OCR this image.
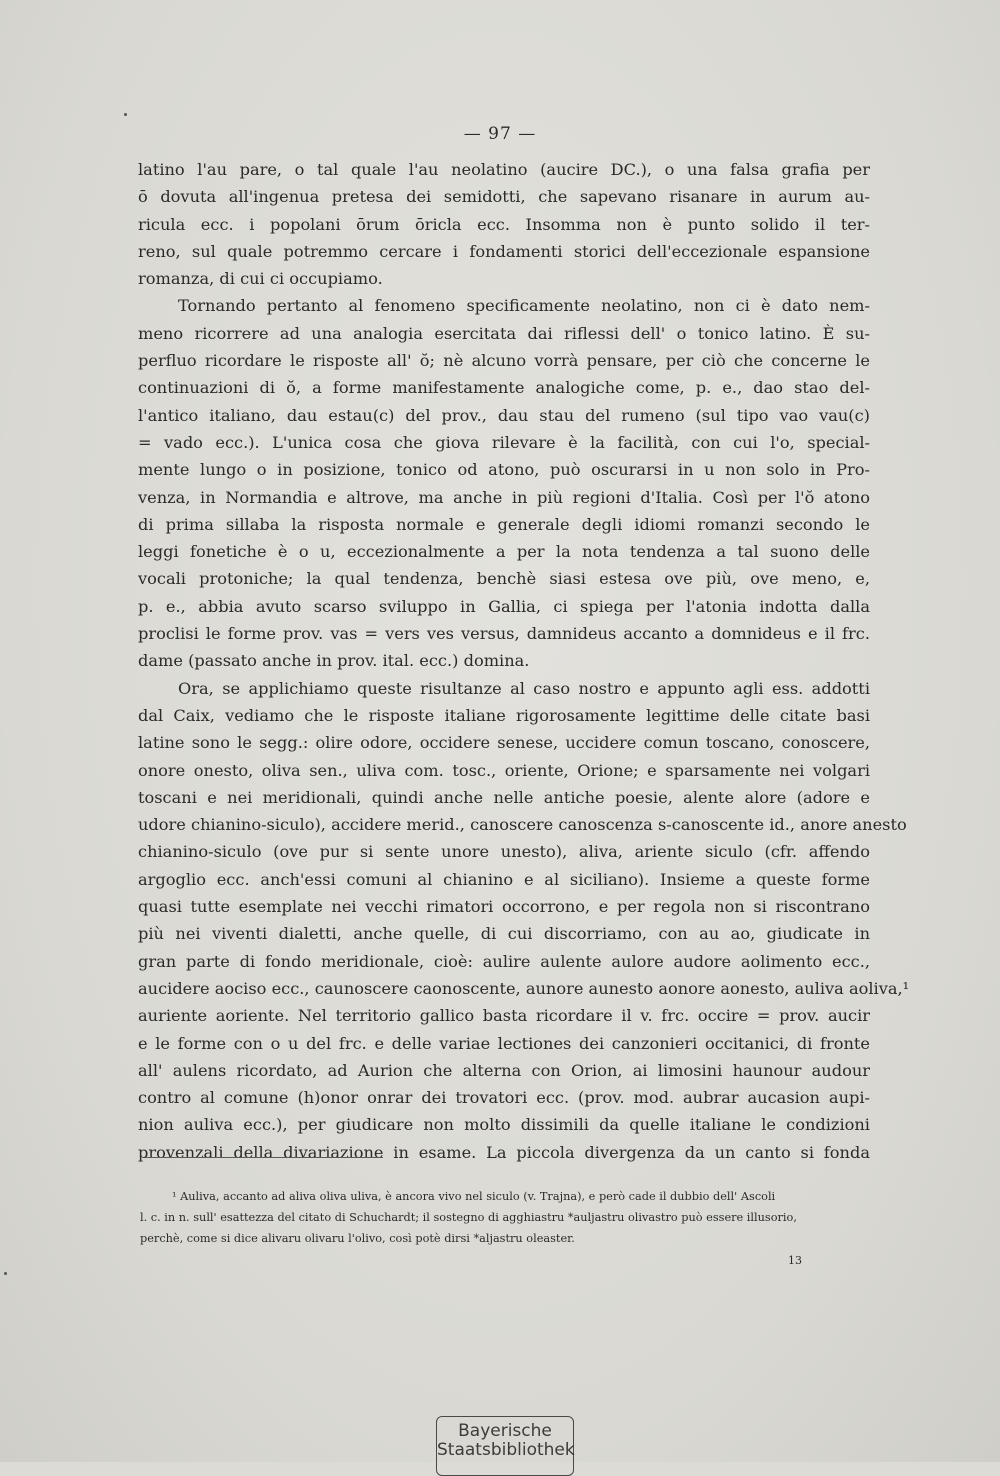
— 97 —
latino l'au pare, o tal quale l'au neolatino (aucire DC.), o una falsa grafia per
ō dovuta all'ingenua pretesa dei semidotti, che sapevano risanare in aurum au-
ricula ecc. i popolani ōrum ōricla ecc. Insomma non è punto solido il ter-
reno, sul quale potremmo cercare i fondamenti storici dell'eccezionale espansione
romanza, di cui ci occupiamo.
Tornando pertanto al fenomeno specificamente neolatino, non ci è dato nem-
meno ricorrere ad una analogia esercitata dai riflessi dell' o tonico latino. È su-
perfluo ricordare le risposte all' ŏ; nè alcuno vorrà pensare, per ciò che concerne le
continuazioni di ŏ, a forme manifestamente analogiche come, p. e., dao stao del-
l'antico italiano, dau estau(c) del prov., dau stau del rumeno (sul tipo vao vau(c)
= vado ecc.). L'unica cosa che giova rilevare è la facilità, con cui l'o, special-
mente lungo o in posizione, tonico od atono, può oscurarsi in u non solo in Pro-
venza, in Normandia e altrove, ma anche in più regioni d'Italia. Così per l'ŏ atono
di prima sillaba la risposta normale e generale degli idiomi romanzi secondo le
leggi fonetiche è o u, eccezionalmente a per la nota tendenza a tal suono delle
vocali protoniche; la qual tendenza, benchè siasi estesa ove più, ove meno, e,
p. e., abbia avuto scarso sviluppo in Gallia, ci spiega per l'atonia indotta dalla
proclisi le forme prov. vas = vers ves versus, damnideus accanto a domnideus e il frc.
dame (passato anche in prov. ital. ecc.) domina.
Ora, se applichiamo queste risultanze al caso nostro e appunto agli ess. addotti
dal Caix, vediamo che le risposte italiane rigorosamente legittime delle citate basi
latine sono le segg.: olire odore, occidere senese, uccidere comun toscano, conoscere,
onore onesto, oliva sen., uliva com. tosc., oriente, Orione; e sparsamente nei volgari
toscani e nei meridionali, quindi anche nelle antiche poesie, alente alore (adore e
udore chianino-siculo), accidere merid., canoscere canoscenza s-canoscente id., anore anesto
chianino-siculo (ove pur si sente unore unesto), aliva, ariente siculo (cfr. affendo
argoglio ecc. anch'essi comuni al chianino e al siciliano). Insieme a queste forme
quasi tutte esemplate nei vecchi rimatori occorrono, e per regola non si riscontrano
più nei viventi dialetti, anche quelle, di cui discorriamo, con au ao, giudicate in
gran parte di fondo meridionale, cioè: aulire aulente aulore audore aolimento ecc.,
aucidere aociso ecc., caunoscere caonoscente, aunore aunesto aonore aonesto, auliva aoliva,¹
auriente aoriente. Nel territorio gallico basta ricordare il v. frc. occire = prov. aucir
e le forme con o u del frc. e delle variae lectiones dei canzonieri occitanici, di fronte
all' aulens ricordato, ad Aurion che alterna con Orion, ai limosini haunour audour
contro al comune (h)onor onrar dei trovatori ecc. (prov. mod. aubrar aucasion aupi-
nion auliva ecc.), per giudicare non molto dissimili da quelle italiane le condizioni
provenzali della divariazione in esame. La piccola divergenza da un canto si fonda
¹ Auliva, accanto ad aliva oliva uliva, è ancora vivo nel siculo (v. Trajna), e però cade il dubbio dell' Ascoli
l. c. in n. sull' esattezza del citato di Schuchardt; il sostegno di agghiastru *auljastru olivastro può essere illusorio,
perchè, come si dice alivaru olivaru l'olivo, così potè dirsi *aljastru oleaster.
13
Bayerische
Staatsbibliothek
